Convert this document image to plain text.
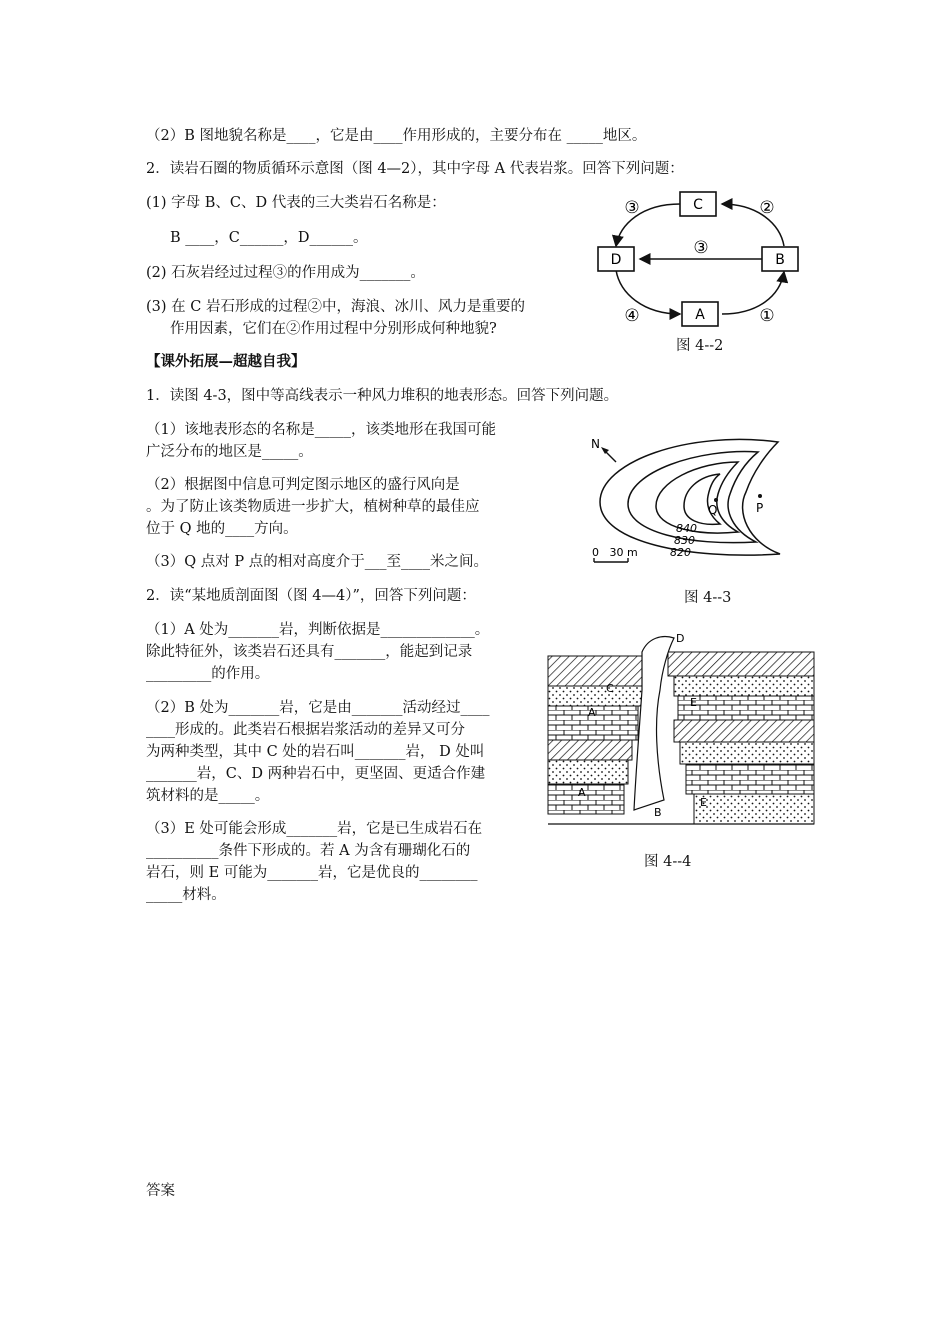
（2）B 图地貌名称是____，它是由____作用形成的，主要分布在 _____地区。
2．读岩石圈的物质循环示意图（图 4—2），其中字母 A 代表岩浆。回答下列问题：
(1) 字母 B、C、D 代表的三大类岩石名称是：
B ____，C______，D______。
(2) 石灰岩经过过程③的作用成为_______。
(3) 在 C 岩石形成的过程②中，海浪、冰川、风力是重要的
作用因素，它们在②作用过程中分别形成何种地貌?
【课外拓展—超越自我】
1．读图 4-3，图中等高线表示一种风力堆积的地表形态。回答下列问题。
（1）该地表形态的名称是_____，该类地形在我国可能
广泛分布的地区是_____。
（2）根据图中信息可判定图示地区的盛行风向是
。为了防止该类物质进一步扩大，植树种草的最佳应
位于 Q 地的____方向。
（3）Q 点对 P 点的相对高度介于___至____米之间。
2．读“某地质剖面图（图 4—4）”，回答下列问题：
（1）A 处为_______岩，判断依据是_____________。
除此特征外，该类岩石还具有_______，能起到记录
_________的作用。
（2）B 处为_______岩，它是由_______活动经过____
____形成的。此类岩石根据岩浆活动的差异又可分
为两种类型，其中 C 处的岩石叫_______岩， D 处叫
_______岩，C、D 两种岩石中，更坚固、更适合作建
筑材料的是_____。
（3）E 处可能会形成_______岩，它是已生成岩石在
__________条件下形成的。若 A 为含有珊瑚化石的
岩石，则 E 可能为_______岩，它是优良的________
_____材料。
答案
C
D	B
A
③	②
③
④	①
图 4--2
N
Q	P
840
830
820
0   30 m
图 4--3
D
C
A
E
A
B
E
图 4--4
